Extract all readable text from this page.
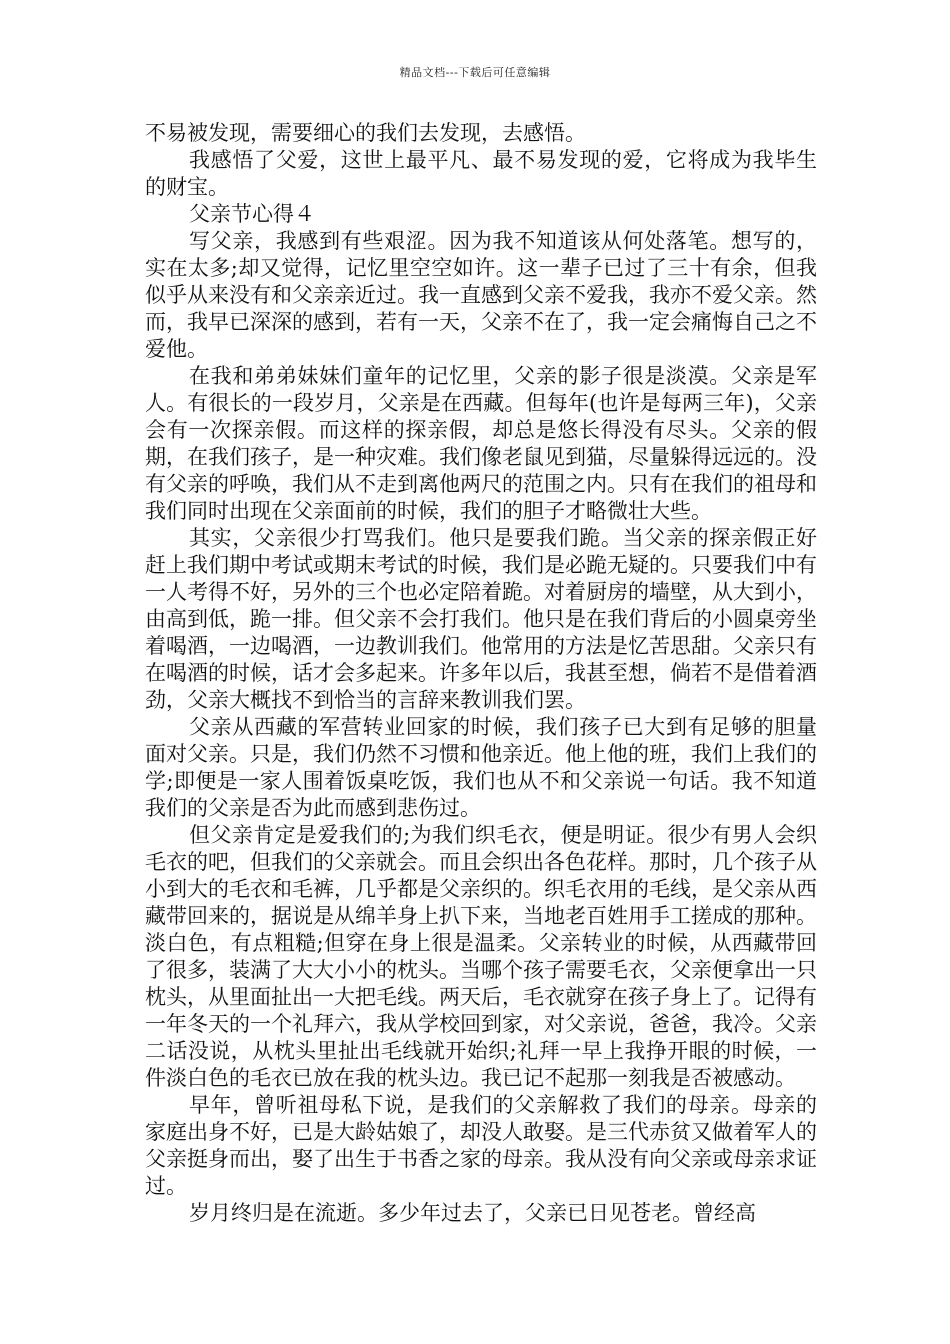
精品文档---下载后可任意编辑

不易被发现，需要细心的我们去发现，去感悟。

我感悟了父爱，这世上最平凡、最不易发现的爱，它将成为我毕生的财宝。

父亲节心得４

写父亲，我感到有些艰涩。因为我不知道该从何处落笔。想写的，实在太多;却又觉得，记忆里空空如许。这一辈子已过了三十有余，但我似乎从来没有和父亲亲近过。我一直感到父亲不爱我，我亦不爱父亲。然而，我早已深深的感到，若有一天，父亲不在了，我一定会痛悔自己之不爱他。

在我和弟弟妹妹们童年的记忆里，父亲的影子很是淡漠。父亲是军人。有很长的一段岁月，父亲是在西藏。但每年(也许是每两三年)，父亲会有一次探亲假。而这样的探亲假，却总是悠长得没有尽头。父亲的假期，在我们孩子，是一种灾难。我们像老鼠见到猫，尽量躲得远远的。没有父亲的呼唤，我们从不走到离他两尺的范围之内。只有在我们的祖母和我们同时出现在父亲面前的时候，我们的胆子才略微壮大些。

其实，父亲很少打骂我们。他只是要我们跪。当父亲的探亲假正好赶上我们期中考试或期末考试的时候，我们是必跪无疑的。只要我们中有一人考得不好，另外的三个也必定陪着跪。对着厨房的墙壁，从大到小，由高到低，跪一排。但父亲不会打我们。他只是在我们背后的小圆桌旁坐着喝酒，一边喝酒，一边教训我们。他常用的方法是忆苦思甜。父亲只有在喝酒的时候，话才会多起来。许多年以后，我甚至想，倘若不是借着酒劲，父亲大概找不到恰当的言辞来教训我们罢。

父亲从西藏的军营转业回家的时候，我们孩子已大到有足够的胆量面对父亲。只是，我们仍然不习惯和他亲近。他上他的班，我们上我们的学;即便是一家人围着饭桌吃饭，我们也从不和父亲说一句话。我不知道我们的父亲是否为此而感到悲伤过。

但父亲肯定是爱我们的;为我们织毛衣，便是明证。很少有男人会织毛衣的吧，但我们的父亲就会。而且会织出各色花样。那时，几个孩子从小到大的毛衣和毛裤，几乎都是父亲织的。织毛衣用的毛线，是父亲从西藏带回来的，据说是从绵羊身上扒下来，当地老百姓用手工搓成的那种。淡白色，有点粗糙;但穿在身上很是温柔。父亲转业的时候，从西藏带回了很多，装满了大大小小的枕头。当哪个孩子需要毛衣，父亲便拿出一只枕头，从里面扯出一大把毛线。两天后，毛衣就穿在孩子身上了。记得有一年冬天的一个礼拜六，我从学校回到家，对父亲说，爸爸，我冷。父亲二话没说，从枕头里扯出毛线就开始织;礼拜一早上我挣开眼的时候，一件淡白色的毛衣已放在我的枕头边。我已记不起那一刻我是否被感动。

早年，曾听祖母私下说，是我们的父亲解救了我们的母亲。母亲的家庭出身不好，已是大龄姑娘了，却没人敢娶。是三代赤贫又做着军人的父亲挺身而出，娶了出生于书香之家的母亲。我从没有向父亲或母亲求证过。

岁月终归是在流逝。多少年过去了，父亲已日见苍老。曾经高
